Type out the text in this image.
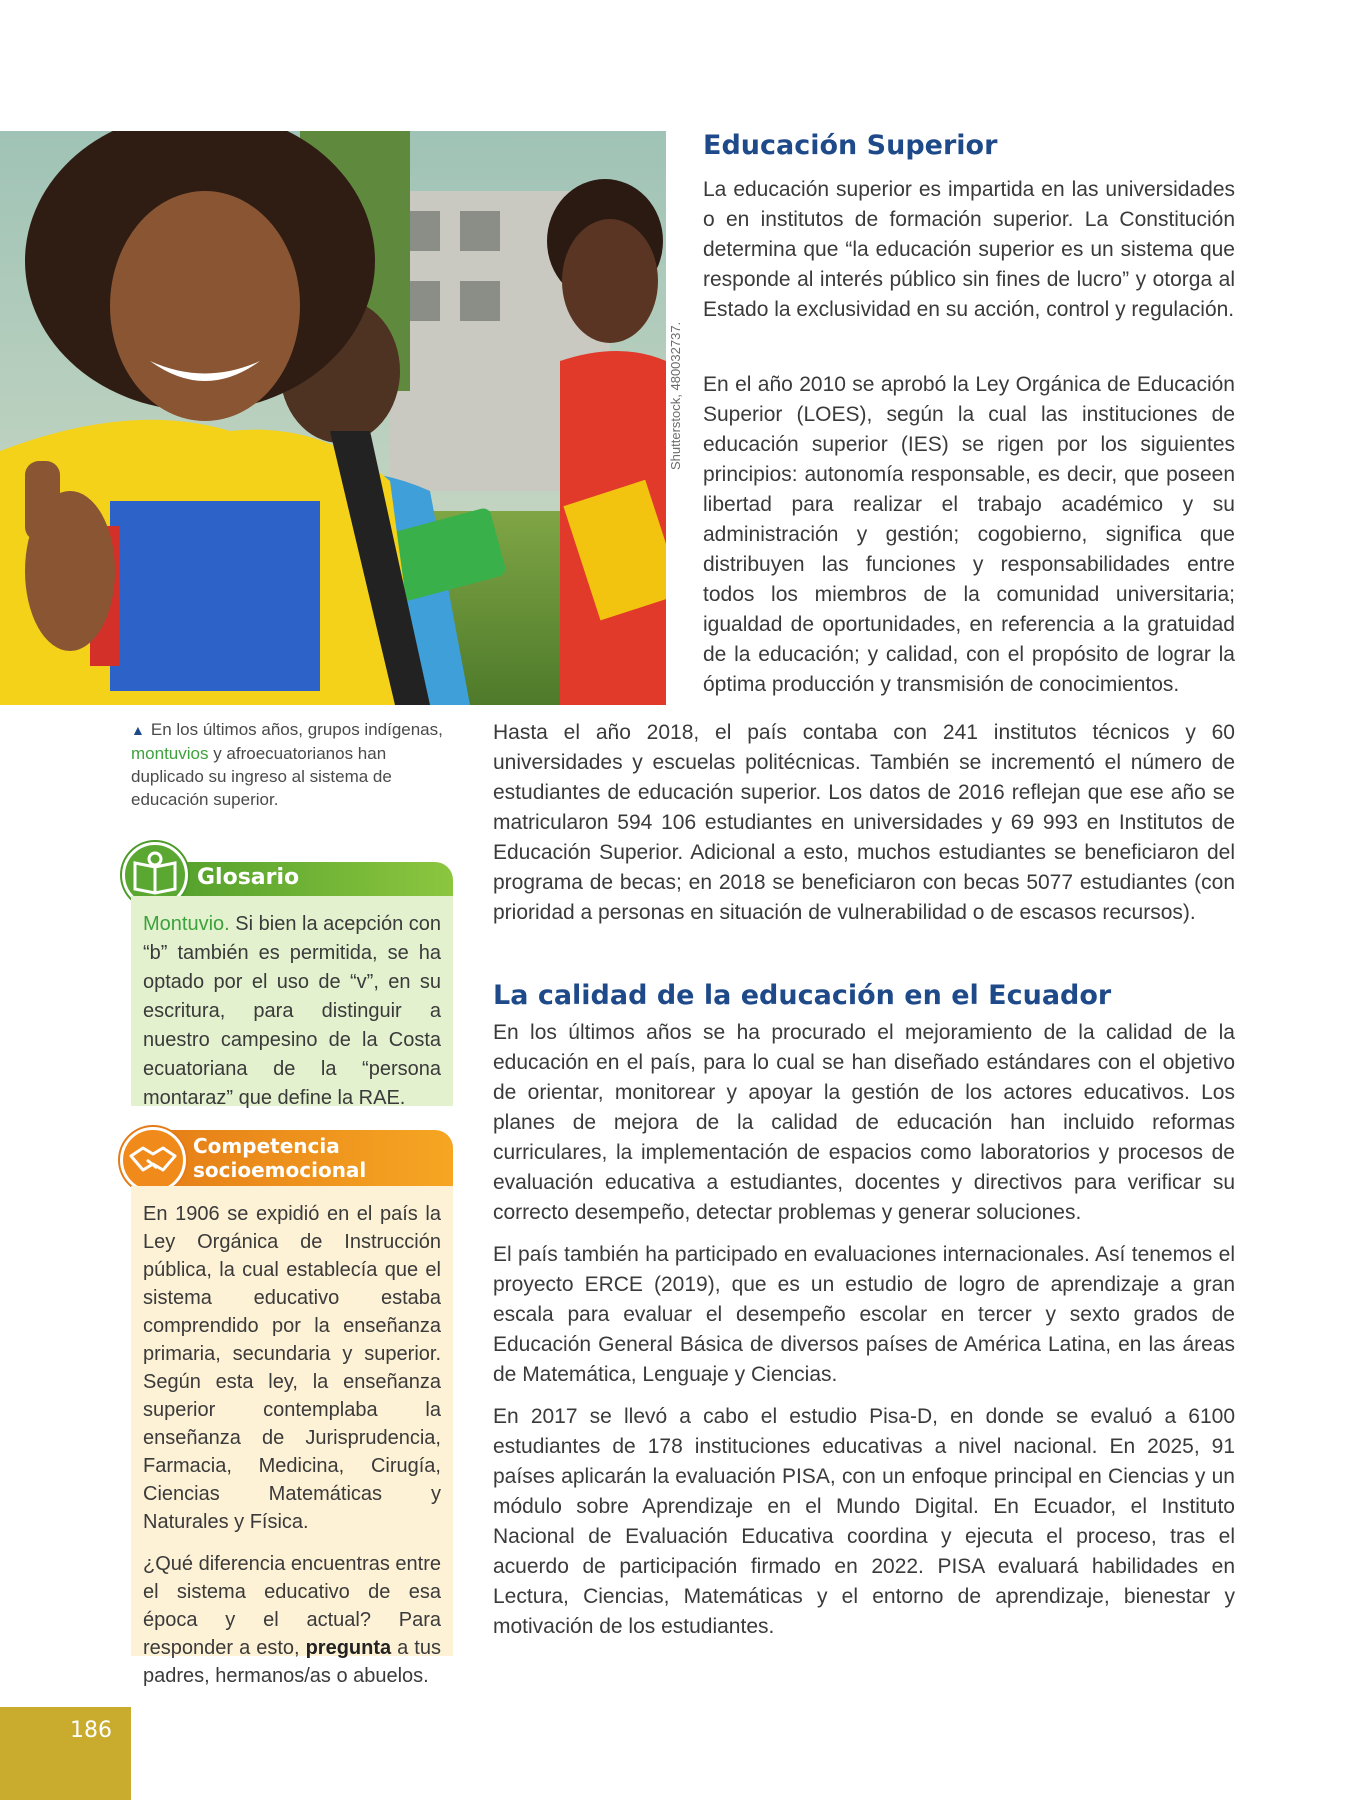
Shutterstock, 480032737.
▲ En los últimos años, grupos indígenas, montuvios y afroecuatorianos han duplicado su ingreso al sistema de educación superior.
Educación Superior

La educación superior es impartida en las universidades o en institutos de formación superior. La Constitución determina que “la educación superior es un sistema que responde al interés público sin fines de lucro” y otorga al Estado la exclusividad en su acción, control y regulación.

En el año 2010 se aprobó la Ley Orgánica de Educación Superior (LOES), según la cual las instituciones de educación superior (IES) se rigen por los siguientes principios: autonomía responsable, es decir, que poseen libertad para realizar el trabajo académico y su administración y gestión; cogobierno, significa que distribuyen las funciones y responsabilidades entre todos los miembros de la comunidad universitaria; igualdad de oportunidades, en referencia a la gratuidad de la educación; y calidad, con el propósito de lograr la óptima producción y transmisión de conocimientos.

Hasta el año 2018, el país contaba con 241 institutos técnicos y 60 universidades y escuelas politécnicas. También se incrementó el número de estudiantes de educación superior. Los datos de 2016 reflejan que ese año se matricularon 594 106 estudiantes en universidades y 69 993 en Institutos de Educación Superior. Adicional a esto, muchos estudiantes se beneficiaron del programa de becas; en 2018 se beneficiaron con becas 5077 estudiantes (con prioridad a personas en situación de vulnerabilidad o de escasos recursos).

La calidad de la educación en el Ecuador

En los últimos años se ha procurado el mejoramiento de la calidad de la educación en el país, para lo cual se han diseñado estándares con el objetivo de orientar, monitorear y apoyar la gestión de los actores educativos. Los planes de mejora de la calidad de educación han incluido reformas curriculares, la implementación de espacios como laboratorios y procesos de evaluación educativa a estudiantes, docentes y directivos para verificar su correcto desempeño, detectar problemas y generar soluciones.

El país también ha participado en evaluaciones internacionales. Así tenemos el proyecto ERCE (2019), que es un estudio de logro de aprendizaje a gran escala para evaluar el desempeño escolar en tercer y sexto grados de Educación General Básica de diversos países de América Latina, en las áreas de Matemática, Lenguaje y Ciencias.

En 2017 se llevó a cabo el estudio Pisa-D, en donde se evaluó a 6100 estudiantes de 178 instituciones educativas a nivel nacional. En 2025, 91 países aplicarán la evaluación PISA, con un enfoque principal en Ciencias y un módulo sobre Aprendizaje en el Mundo Digital. En Ecuador, el Instituto Nacional de Evaluación Educativa coordina y ejecuta el proceso, tras el acuerdo de participación firmado en 2022. PISA evaluará habilidades en Lectura, Ciencias, Matemáticas y el entorno de aprendizaje, bienestar y motivación de los estudiantes.

Glosario

Montuvio. Si bien la acepción con “b” también es permitida, se ha optado por el uso de “v”, en su escritura, para distinguir a nuestro campesino de la Costa ecuatoriana de la “persona montaraz” que define la RAE.

Competencia socioemocional

En 1906 se expidió en el país la Ley Orgánica de Instrucción pública, la cual establecía que el sistema educativo estaba comprendido por la enseñanza primaria, secundaria y superior. Según esta ley, la enseñanza superior contemplaba la enseñanza de Jurisprudencia, Farmacia, Medicina, Cirugía, Ciencias Matemáticas y Naturales y Física.

¿Qué diferencia encuentras entre el sistema educativo de esa época y el actual? Para responder a esto, pregunta a tus padres, hermanos/as o abuelos.

186
